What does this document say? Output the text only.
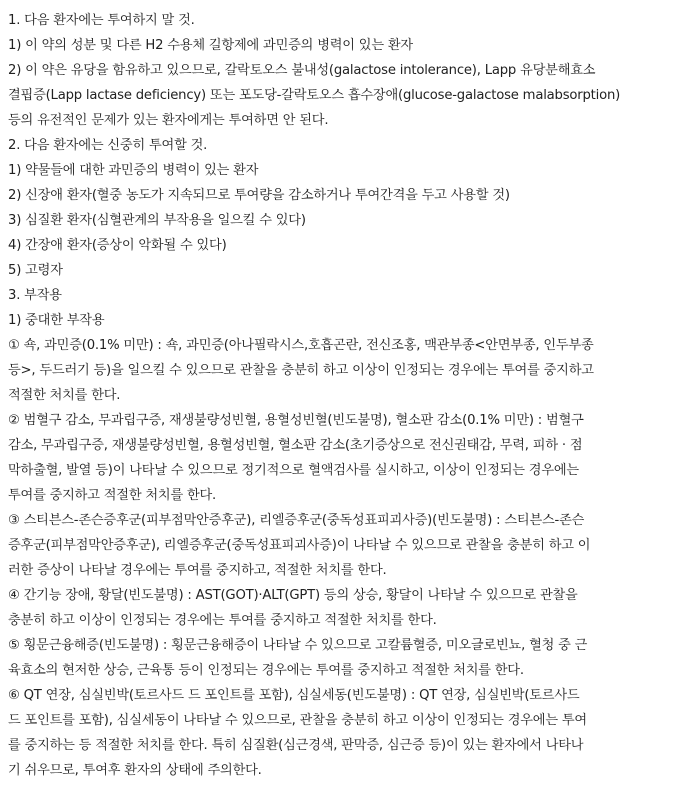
1. 다음 환자에는 투여하지 말 것.
1) 이 약의 성분 및 다른 H2 수용체 길항제에 과민증의 병력이 있는 환자
2) 이 약은 유당을 함유하고 있으므로, 갈락토오스 불내성(galactose intolerance), Lapp 유당분해효소
결핍증(Lapp lactase deficiency) 또는 포도당-갈락토오스 흡수장애(glucose-galactose malabsorption)
등의 유전적인 문제가 있는 환자에게는 투여하면 안 된다.
2. 다음 환자에는 신중히 투여할 것.
1) 약물들에 대한 과민증의 병력이 있는 환자
2) 신장애 환자(혈중 농도가 지속되므로 투여량을 감소하거나 투여간격을 두고 사용할 것)
3) 심질환 환자(심혈관계의 부작용을 일으킬 수 있다)
4) 간장애 환자(증상이 악화될 수 있다)
5) 고령자
3. 부작용
1) 중대한 부작용
① 쇽, 과민증(0.1% 미만) : 쇽, 과민증(아나필락시스,호흡곤란, 전신조홍, 맥관부종<안면부종, 인두부종
등>, 두드러기 등)을 일으킬 수 있으므로 관찰을 충분히 하고 이상이 인정되는 경우에는 투여를 중지하고
적절한 처치를 한다.
② 범혈구 감소, 무과립구증, 재생불량성빈혈, 용혈성빈혈(빈도불명), 혈소판 감소(0.1% 미만) : 범혈구
감소, 무과립구증, 재생불량성빈혈, 용혈성빈혈, 혈소판 감소(초기증상으로 전신권태감, 무력, 피하 · 점
막하출혈, 발열 등)이 나타날 수 있으므로 정기적으로 혈액검사를 실시하고, 이상이 인정되는 경우에는
투여를 중지하고 적절한 처치를 한다.
③ 스티븐스-존슨증후군(피부점막안증후군), 리엘증후군(중독성표피괴사증)(빈도불명) : 스티븐스-존슨
증후군(피부점막안증후군), 리엘증후군(중독성표피괴사증)이 나타날 수 있으므로 관찰을 충분히 하고 이
러한 증상이 나타날 경우에는 투여를 중지하고, 적절한 처치를 한다.
④ 간기능 장애, 황달(빈도불명) : AST(GOT)·ALT(GPT) 등의 상승, 황달이 나타날 수 있으므로 관찰을
충분히 하고 이상이 인정되는 경우에는 투여를 중지하고 적절한 처치를 한다.
⑤ 횡문근융해증(빈도불명) : 횡문근융해증이 나타날 수 있으므로 고칼륨혈증, 미오글로빈뇨, 혈청 중 근
육효소의 현저한 상승, 근육통 등이 인정되는 경우에는 투여를 중지하고 적절한 처치를 한다.
⑥ QT 연장, 심실빈박(토르사드 드 포인트를 포함), 심실세동(빈도불명) : QT 연장, 심실빈박(토르사드
드 포인트를 포함), 심실세동이 나타날 수 있으므로, 관찰을 충분히 하고 이상이 인정되는 경우에는 투여
를 중지하는 등 적절한 처치를 한다. 특히 심질환(심근경색, 판막증, 심근증 등)이 있는 환자에서 나타나
기 쉬우므로, 투여후 환자의 상태에 주의한다.
